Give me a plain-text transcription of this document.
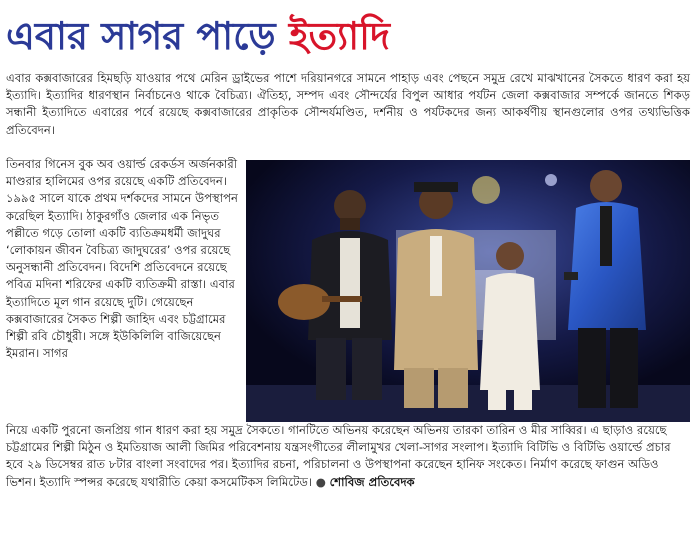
এবার সাগর পাড়ে ইত্যাদি

এবার কক্সবাজারের হিমছড়ি যাওয়ার পথে মেরিন ড্রাইভের পাশে দরিয়ানগরে সামনে পাহাড় এবং পেছনে সমুদ্র রেখে মাঝখানের সৈকতে ধারণ করা হয় ইত্যাদি। ইত্যাদির ধারণস্থান নির্বাচনেও থাকে বৈচিত্র্য। ঐতিহ্য, সম্পদ এবং সৌন্দর্যের বিপুল আধার পর্যটন জেলা কক্সবাজার সম্পর্কে জানতে শিকড় সন্ধানী ইত্যাদিতে এবারের পর্বে রয়েছে কক্সবাজারের প্রাকৃতিক সৌন্দর্যমণ্ডিত, দর্শনীয় ও পর্যটকদের জন্য আকর্ষণীয় স্থানগুলোর ওপর তথ্যভিত্তিক প্রতিবেদন।

তিনবার গিনেস বুক অব ওয়ার্ল্ড রেকর্ডস অর্জনকারী মাণ্ডরার হালিমের ওপর রয়েছে একটি প্রতিবেদন। ১৯৯৫ সালে যাকে প্রথম দর্শকদের সামনে উপস্থাপন করেছিল ইত্যাদি। ঠাকুরগাঁও জেলার এক নিভৃত পল্লীতে গড়ে তোলা একটি ব্যতিক্রমধর্মী জাদুঘর ‘লোকায়ন জীবন বৈচিত্র্য জাদুঘরের’ ওপর রয়েছে অনুসন্ধানী প্রতিবেদন। বিদেশি প্রতিবেদনে রয়েছে পবিত্র মদিনা শরিফের একটি ব্যতিক্রমী রাস্তা। এবার ইত্যাদিতে মূল গান রয়েছে দুটি। গেয়েছেন কক্সবাজারের সৈকত শিল্পী জাহিদ এবং চট্টগ্রামের শিল্পী রবি চৌধুরী। সঙ্গে ইউকিলিলি বাজিয়েছেন ইমরান। সাগর

নিয়ে একটি পুরনো জনপ্রিয় গান ধারণ করা হয় সমুদ্র সৈকতে। গানটিতে অভিনয় করেছেন অভিনয় তারকা তারিন ও মীর সাব্বির। এ ছাড়াও রয়েছে চট্টগ্রামের শিল্পী মিঠুন ও ইমতিয়াজ আলী জিমির পরিবেশনায় যন্ত্রসংগীতের লীলামুখর খেলা-সাগর সংলাপ। ইত্যাদি বিটিভি ও বিটিভি ওয়ার্ল্ডে প্রচার হবে ২৯ ডিসেম্বর রাত ৮টার বাংলা সংবাদের পর। ইত্যাদির রচনা, পরিচালনা ও উপস্থাপনা করেছেন হানিফ সংকেত। নির্মাণ করেছে ফাগুন অডিও ভিশন। ইত্যাদি স্পন্সর করেছে যথারীতি কেয়া কসমেটিকস লিমিটেড। ● শোবিজ প্রতিবেদক
